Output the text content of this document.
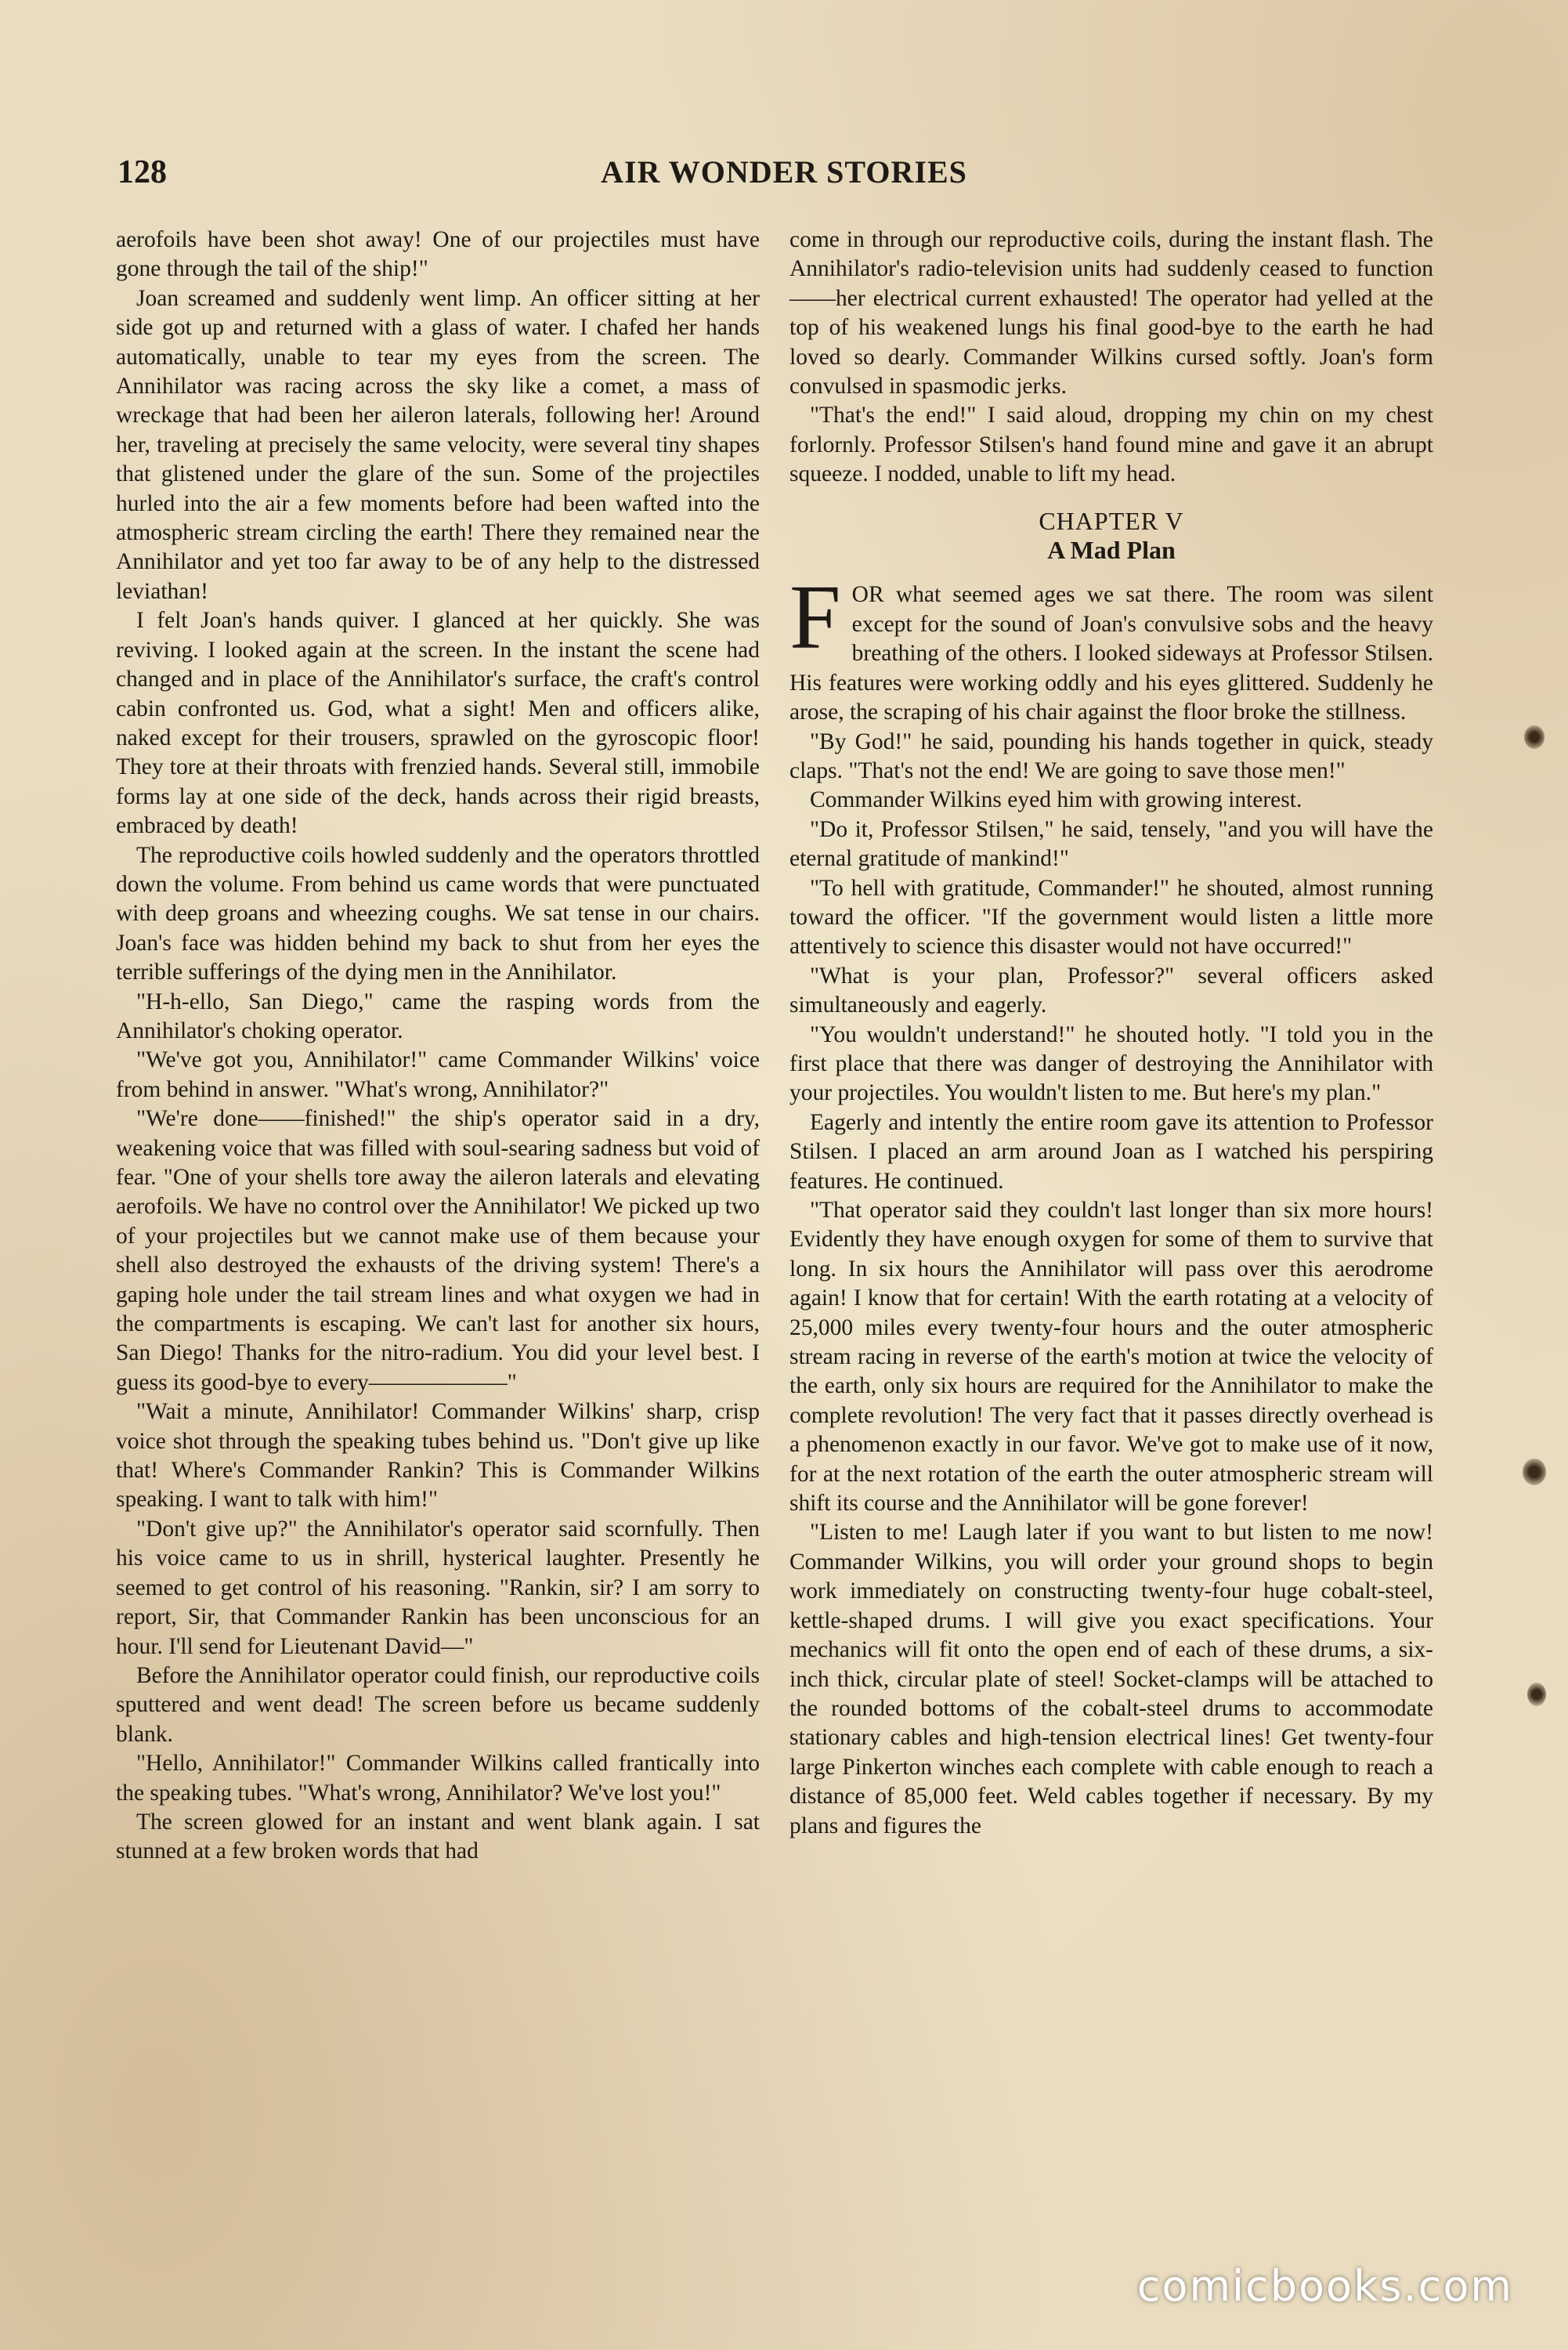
128	AIR WONDER STORIES

aerofoils have been shot away! One of our projectiles must have gone through the tail of the ship!"

Joan screamed and suddenly went limp. An officer sitting at her side got up and returned with a glass of water. I chafed her hands automatically, unable to tear my eyes from the screen. The Annihilator was racing across the sky like a comet, a mass of wreckage that had been her aileron laterals, following her! Around her, traveling at precisely the same velocity, were several tiny shapes that glistened under the glare of the sun. Some of the projectiles hurled into the air a few moments before had been wafted into the atmospheric stream circling the earth! There they remained near the Annihilator and yet too far away to be of any help to the distressed leviathan!

I felt Joan's hands quiver. I glanced at her quickly. She was reviving. I looked again at the screen. In the instant the scene had changed and in place of the Annihilator's surface, the craft's control cabin confronted us. God, what a sight! Men and officers alike, naked except for their trousers, sprawled on the gyroscopic floor! They tore at their throats with frenzied hands. Several still, immobile forms lay at one side of the deck, hands across their rigid breasts, embraced by death!

The reproductive coils howled suddenly and the operators throttled down the volume. From behind us came words that were punctuated with deep groans and wheezing coughs. We sat tense in our chairs. Joan's face was hidden behind my back to shut from her eyes the terrible sufferings of the dying men in the Annihilator.

"H-h-ello, San Diego," came the rasping words from the Annihilator's choking operator.

"We've got you, Annihilator!" came Commander Wilkins' voice from behind in answer. "What's wrong, Annihilator?"

"We're done——finished!" the ship's operator said in a dry, weakening voice that was filled with soul-searing sadness but void of fear. "One of your shells tore away the aileron laterals and elevating aerofoils. We have no control over the Annihilator! We picked up two of your projectiles but we cannot make use of them because your shell also destroyed the exhausts of the driving system! There's a gaping hole under the tail stream lines and what oxygen we had in the compartments is escaping. We can't last for another six hours, San Diego! Thanks for the nitro-radium. You did your level best. I guess its good-bye to every——————"

"Wait a minute, Annihilator! Commander Wilkins' sharp, crisp voice shot through the speaking tubes behind us. "Don't give up like that! Where's Commander Rankin? This is Commander Wilkins speaking. I want to talk with him!"

"Don't give up?" the Annihilator's operator said scornfully. Then his voice came to us in shrill, hysterical laughter. Presently he seemed to get control of his reasoning. "Rankin, sir? I am sorry to report, Sir, that Commander Rankin has been unconscious for an hour. I'll send for Lieutenant David—"

Before the Annihilator operator could finish, our reproductive coils sputtered and went dead! The screen before us became suddenly blank.

"Hello, Annihilator!" Commander Wilkins called frantically into the speaking tubes. "What's wrong, Annihilator? We've lost you!"

The screen glowed for an instant and went blank again. I sat stunned at a few broken words that had

come in through our reproductive coils, during the instant flash. The Annihilator's radio-television units had suddenly ceased to function——her electrical current exhausted! The operator had yelled at the top of his weakened lungs his final good-bye to the earth he had loved so dearly. Commander Wilkins cursed softly. Joan's form convulsed in spasmodic jerks.

"That's the end!" I said aloud, dropping my chin on my chest forlornly. Professor Stilsen's hand found mine and gave it an abrupt squeeze. I nodded, unable to lift my head.

CHAPTER V
A Mad Plan

FOR what seemed ages we sat there. The room was silent except for the sound of Joan's convulsive sobs and the heavy breathing of the others. I looked sideways at Professor Stilsen. His features were working oddly and his eyes glittered. Suddenly he arose, the scraping of his chair against the floor broke the stillness.

"By God!" he said, pounding his hands together in quick, steady claps. "That's not the end! We are going to save those men!"

Commander Wilkins eyed him with growing interest.

"Do it, Professor Stilsen," he said, tensely, "and you will have the eternal gratitude of mankind!"

"To hell with gratitude, Commander!" he shouted, almost running toward the officer. "If the government would listen a little more attentively to science this disaster would not have occurred!"

"What is your plan, Professor?" several officers asked simultaneously and eagerly.

"You wouldn't understand!" he shouted hotly. "I told you in the first place that there was danger of destroying the Annihilator with your projectiles. You wouldn't listen to me. But here's my plan."

Eagerly and intently the entire room gave its attention to Professor Stilsen. I placed an arm around Joan as I watched his perspiring features. He continued.

"That operator said they couldn't last longer than six more hours! Evidently they have enough oxygen for some of them to survive that long. In six hours the Annihilator will pass over this aerodrome again! I know that for certain! With the earth rotating at a velocity of 25,000 miles every twenty-four hours and the outer atmospheric stream racing in reverse of the earth's motion at twice the velocity of the earth, only six hours are required for the Annihilator to make the complete revolution! The very fact that it passes directly overhead is a phenomenon exactly in our favor. We've got to make use of it now, for at the next rotation of the earth the outer atmospheric stream will shift its course and the Annihilator will be gone forever!

"Listen to me! Laugh later if you want to but listen to me now! Commander Wilkins, you will order your ground shops to begin work immediately on constructing twenty-four huge cobalt-steel, kettle-shaped drums. I will give you exact specifications. Your mechanics will fit onto the open end of each of these drums, a six-inch thick, circular plate of steel! Socket-clamps will be attached to the rounded bottoms of the cobalt-steel drums to accommodate stationary cables and high-tension electrical lines! Get twenty-four large Pinkerton winches each complete with cable enough to reach a distance of 85,000 feet. Weld cables together if necessary. By my plans and figures the

comicbooks.com
